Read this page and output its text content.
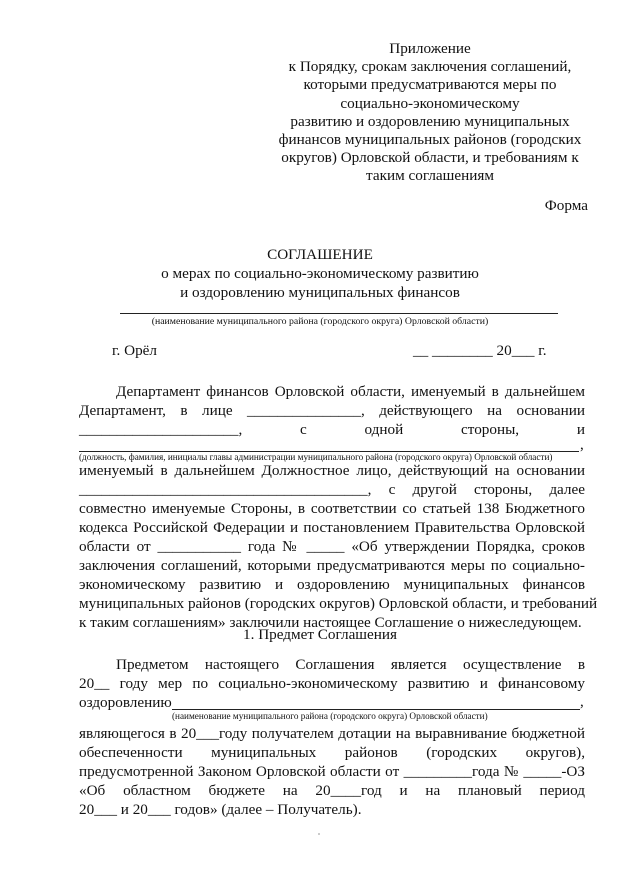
Приложение
к Порядку, срокам заключения соглашений,
которыми предусматриваются меры по
социально-экономическому
развитию и оздоровлению муниципальных
финансов муниципальных районов (городских
округов) Орловской области, и требованиям к
таким соглашениям
Форма
СОГЛАШЕНИЕ
о мерах по социально-экономическому развитию
и оздоровлению муниципальных финансов
(наименование муниципального района (городского округа) Орловской области)
г. Орёл	__ ________ 20___ г.
Департамент финансов Орловской области, именуемый в дальнейшем
Департамент, в лице _______________, действующего на основании
_____________________, с одной стороны, и
,
(должность, фамилия, инициалы главы администрации муниципального района (городского округа) Орловской области)
именуемый в дальнейшем Должностное лицо, действующий на основании
______________________________________, с другой стороны, далее
совместно именуемые Стороны, в соответствии со статьей 138 Бюджетного
кодекса Российской Федерации и постановлением Правительства Орловской
области от ___________ года № _____ «Об утверждении Порядка, сроков
заключения соглашений, которыми предусматриваются меры по социально-
экономическому развитию и оздоровлению муниципальных финансов
муниципальных районов (городских округов) Орловской области, и требований
к таким соглашениям» заключили настоящее Соглашение о нижеследующем.
1. Предмет Соглашения
Предметом настоящего Соглашения является осуществление в
20__ году мер по социально-экономическому развитию и финансовому
оздоровлению	,
(наименование муниципального района (городского округа) Орловской области)
являющегося в 20___году получателем дотации на выравнивание бюджетной
обеспеченности муниципальных районов (городских округов),
предусмотренной Законом Орловской области от _________года № _____-ОЗ
«Об областном бюджете на 20____год и на плановый период
20___ и 20___ годов» (далее – Получатель).
